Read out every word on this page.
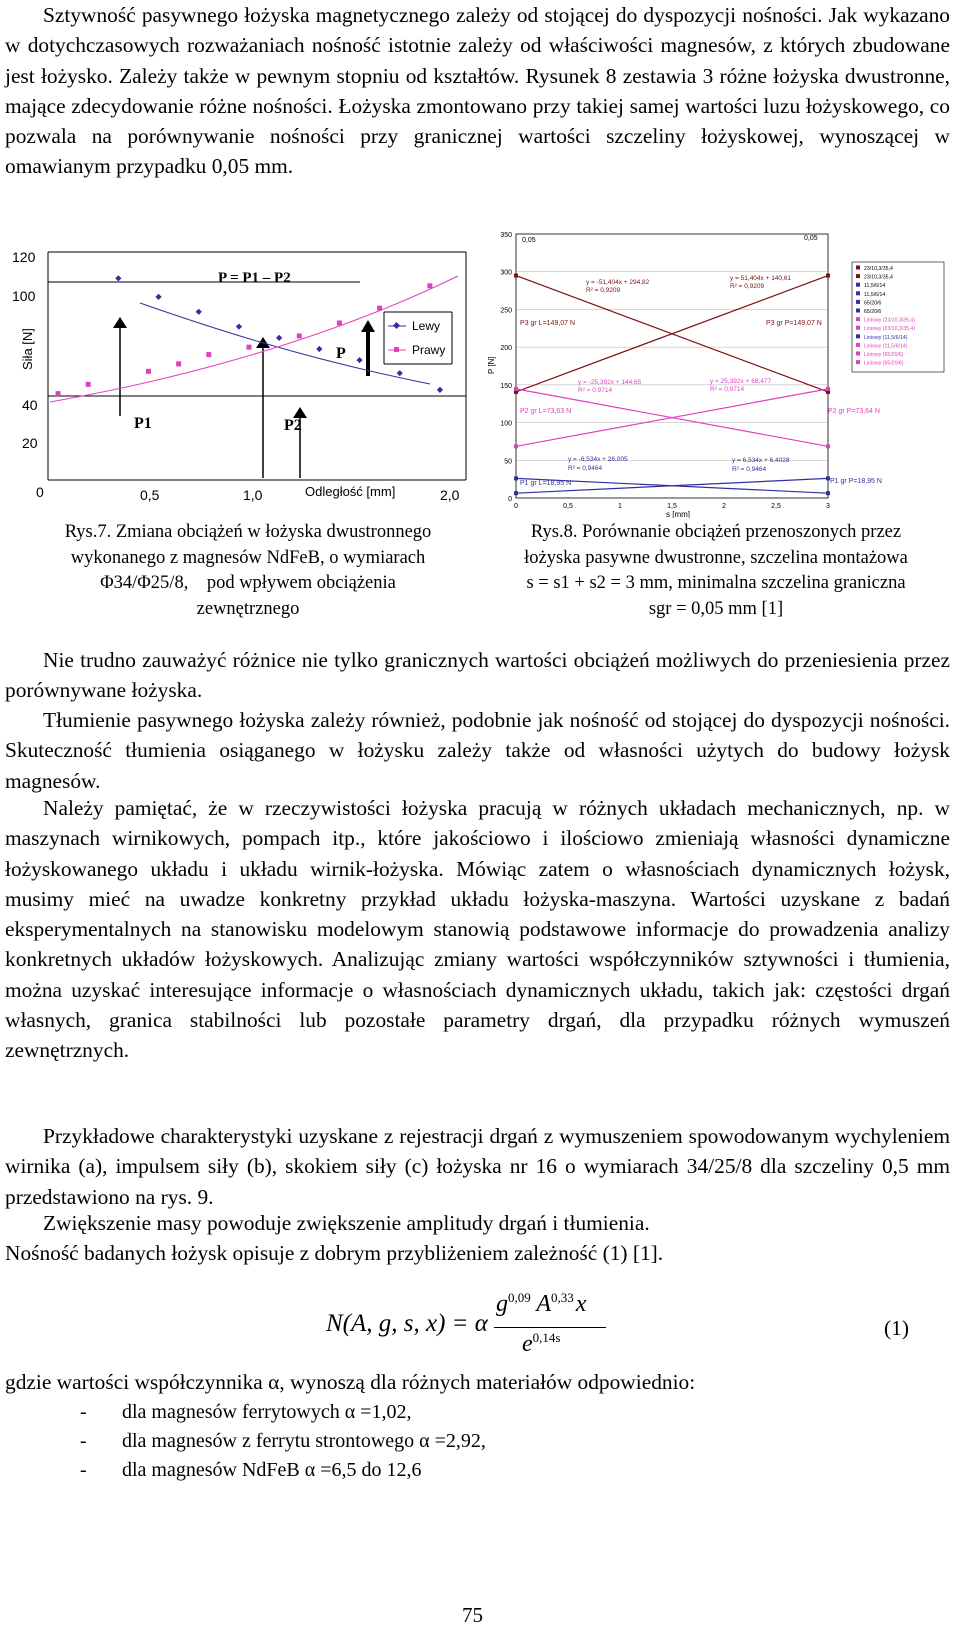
Sztywność pasywnego łożyska magnetycznego zależy od stojącej do dyspozycji nośności. Jak wykazano w dotychczasowych rozważaniach nośność istotnie zależy od właściwości magnesów, z których zbudowane jest łożysko. Zależy także w pewnym stopniu od kształtów. Rysunek 8 zestawia 3 różne łożyska dwustronne, mające zdecydowanie różne nośności. Łożyska zmontowano przy takiej samej wartości luzu łożyskowego, co pozwala na porównywanie nośności przy granicznej wartości szczeliny łożyskowej, wynoszącej w omawianym przypadku 0,05 mm.

120
100
40
20
Siła [N]
0	0,5	1,0	Odległość [mm]	2,0
P = P1 – P2
Lewy
Prawy
P
P1	P2
0
50
100
150
200
250
300
350
0	0,5	1	1,5	2	2,5	3
P [N]
s [mm]
0,05	0,05
y = -51,404x + 294,82
R² = 0,9209
y = 51,404x + 140,61
R² = 0,9209
y = -25,392x + 144,65
R² = 0,9714
y = 25,392x + 68,477
R² = 0,9714
y = -6,534x + 26,005
R² = 0,9464
y = 6,534x + 6,4028
R² = 0,9464
P3 gr L=149,07 N	P3 gr P=149,07 N
P2 gr L=73,63 N	P2 gr P=73,64 N
P1 gr L=18,95 N	P1 gr P=18,95 N
23/10,3/35,4
23/10,3/35,4
11,5/6/14
11,5/6/14
65/20/6
65/20/6
Liniowy (23/10,3/35,4)
Liniowy (23/10,3/35,4)
Liniowy (11,5/6/14)
Liniowy (11,5/6/14)
Liniowy (65/20/6)
Liniowy (65/20/6)
Rys.7. Zmiana obciążeń w łożyska dwustronnego
wykonanego z magnesów NdFeB, o wymiarach
Φ34/Φ25/8,    pod wpływem obciążenia
zewnętrznego
Rys.8. Porównanie obciążeń przenoszonych przez
łożyska pasywne dwustronne, szczelina montażowa
s = s1 + s2 = 3 mm, minimalna szczelina graniczna
sgr = 0,05 mm [1]

Nie trudno zauważyć różnice nie tylko granicznych wartości obciążeń możliwych do przeniesienia przez porównywane łożyska.

Tłumienie pasywnego łożyska zależy również, podobnie jak nośność od stojącej do dyspozycji nośności. Skuteczność tłumienia osiąganego w łożysku zależy także od własności użytych do budowy łożysk magnesów.

Należy pamiętać, że w rzeczywistości łożyska pracują w różnych układach mechanicznych, np. w maszynach wirnikowych, pompach itp., które jakościowo i ilościowo zmieniają własności dynamiczne łożyskowanego układu i układu wirnik-łożyska. Mówiąc zatem o własnościach dynamicznych łożysk, musimy mieć na uwadze konkretny przykład układu łożyska-maszyna. Wartości uzyskane z badań eksperymentalnych na stanowisku modelowym stanowią podstawowe informacje do prowadzenia analizy konkretnych układów łożyskowych. Analizując zmiany wartości współczynników sztywności i tłumienia, można uzyskać interesujące informacje o własnościach dynamicznych układu, takich jak: częstości drgań własnych, granica stabilności lub pozostałe parametry drgań, dla przypadku różnych wymuszeń zewnętrznych.

Przykładowe charakterystyki uzyskane z rejestracji drgań z wymuszeniem spowodowanym wychyleniem wirnika (a), impulsem siły (b), skokiem siły (c) łożyska nr 16 o wymiarach 34/25/8 dla szczeliny 0,5 mm przedstawiono na rys. 9.

Zwiększenie masy powoduje zwiększenie amplitudy drgań i tłumienia.

Nośność badanych łożysk opisuje z dobrym przybliżeniem zależność (1) [1].

N(A, g, s, x) = α
$g^{0,09}$ A$^{0,33}$x
$e^{0,14s}$	(1)

gdzie wartości współczynnika α, wynoszą dla różnych materiałów odpowiednio:

- dla magnesów ferrytowych α =1,02,
- dla magnesów z ferrytu strontowego α =2,92,
- dla magnesów NdFeB α =6,5 do 12,6
75
